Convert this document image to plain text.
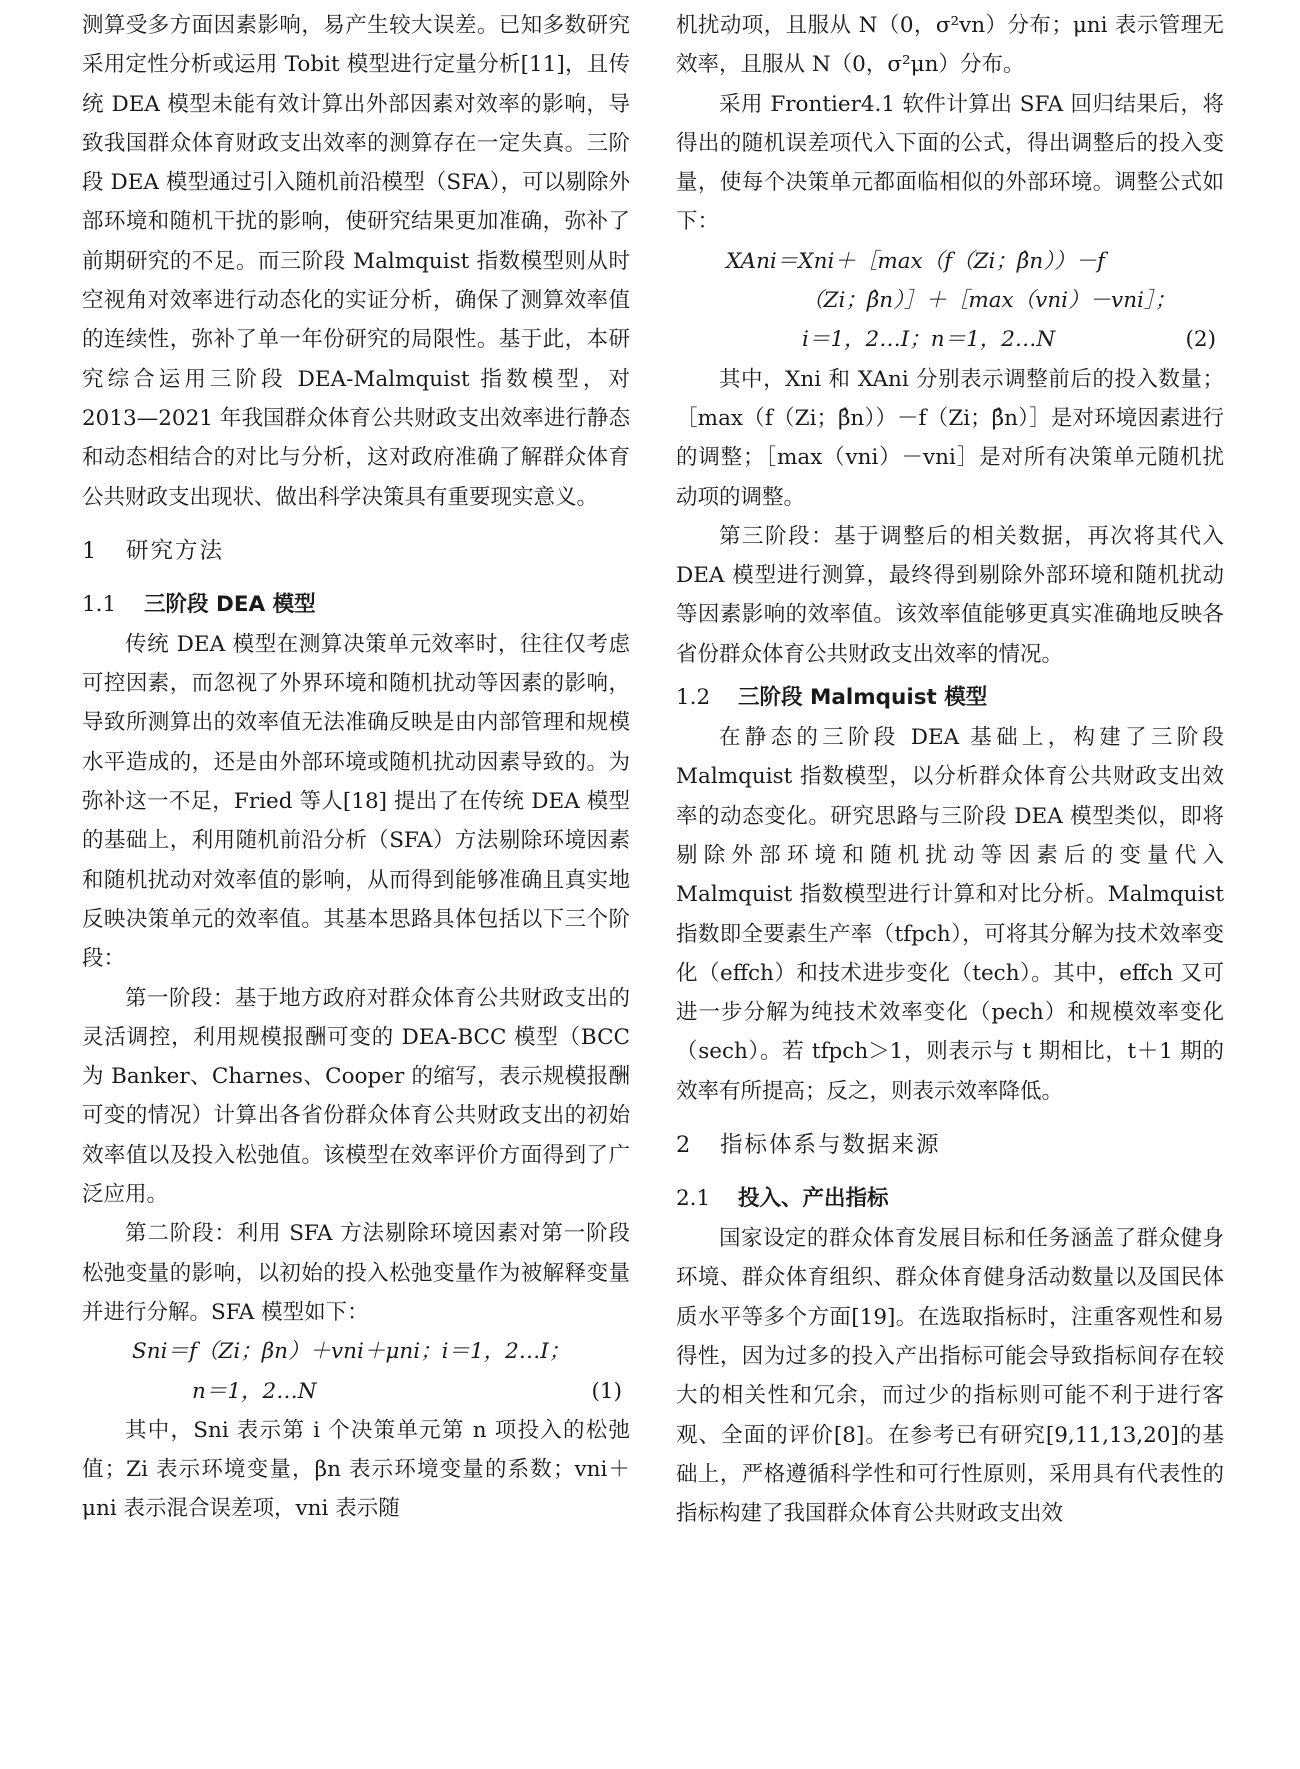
测算受多方面因素影响，易产生较大误差。已知多数研究采用定性分析或运用 Tobit 模型进行定量分析[11]，且传统 DEA 模型未能有效计算出外部因素对效率的影响，导致我国群众体育财政支出效率的测算存在一定失真。三阶段 DEA 模型通过引入随机前沿模型（SFA），可以剔除外部环境和随机干扰的影响，使研究结果更加准确，弥补了前期研究的不足。而三阶段 Malmquist 指数模型则从时空视角对效率进行动态化的实证分析，确保了测算效率值的连续性，弥补了单一年份研究的局限性。基于此，本研究综合运用三阶段 DEA-Malmquist 指数模型，对 2013—2021 年我国群众体育公共财政支出效率进行静态和动态相结合的对比与分析，这对政府准确了解群众体育公共财政支出现状、做出科学决策具有重要现实意义。

1 研究方法
1.1 三阶段 DEA 模型

传统 DEA 模型在测算决策单元效率时，往往仅考虑可控因素，而忽视了外界环境和随机扰动等因素的影响，导致所测算出的效率值无法准确反映是由内部管理和规模水平造成的，还是由外部环境或随机扰动因素导致的。为弥补这一不足，Fried 等人[18] 提出了在传统 DEA 模型的基础上，利用随机前沿分析（SFA）方法剔除环境因素和随机扰动对效率值的影响，从而得到能够准确且真实地反映决策单元的效率值。其基本思路具体包括以下三个阶段：

第一阶段：基于地方政府对群众体育公共财政支出的灵活调控，利用规模报酬可变的 DEA-BCC 模型（BCC 为 Banker、Charnes、Cooper 的缩写，表示规模报酬可变的情况）计算出各省份群众体育公共财政支出的初始效率值以及投入松弛值。该模型在效率评价方面得到了广泛应用。

第二阶段：利用 SFA 方法剔除环境因素对第一阶段松弛变量的影响，以初始的投入松弛变量作为被解释变量并进行分解。SFA 模型如下：

Sni＝f（Zi；βn）＋vni＋μni；i＝1，2…I；
n＝1，2…N	(1)

其中，Sni 表示第 i 个决策单元第 n 项投入的松弛值；Zi 表示环境变量，βn 表示环境变量的系数；vni＋μni 表示混合误差项，vni 表示随

机扰动项，且服从 N（0，σ²vn）分布；μni 表示管理无效率，且服从 N（0，σ²μn）分布。

采用 Frontier4.1 软件计算出 SFA 回归结果后，将得出的随机误差项代入下面的公式，得出调整后的投入变量，使每个决策单元都面临相似的外部环境。调整公式如下：

XAni＝Xni＋［max（f（Zi；β̂n））－f
（Zi；β̂n）］＋［max（vni）－vni］；
i＝1，2…I；n＝1，2…N	(2)

其中，Xni 和 XAni 分别表示调整前后的投入数量；［max（f（Zi；β̂n））－f（Zi；β̂n）］是对环境因素进行的调整；［max（vni）－vni］是对所有决策单元随机扰动项的调整。

第三阶段：基于调整后的相关数据，再次将其代入 DEA 模型进行测算，最终得到剔除外部环境和随机扰动等因素影响的效率值。该效率值能够更真实准确地反映各省份群众体育公共财政支出效率的情况。

1.2 三阶段 Malmquist 模型

在静态的三阶段 DEA 基础上，构建了三阶段 Malmquist 指数模型，以分析群众体育公共财政支出效率的动态变化。研究思路与三阶段 DEA 模型类似，即将剔除外部环境和随机扰动等因素后的变量代入 Malmquist 指数模型进行计算和对比分析。Malmquist 指数即全要素生产率（tfpch），可将其分解为技术效率变化（effch）和技术进步变化（tech）。其中，effch 又可进一步分解为纯技术效率变化（pech）和规模效率变化（sech）。若 tfpch＞1，则表示与 t 期相比，t＋1 期的效率有所提高；反之，则表示效率降低。

2 指标体系与数据来源
2.1 投入、产出指标

国家设定的群众体育发展目标和任务涵盖了群众健身环境、群众体育组织、群众体育健身活动数量以及国民体质水平等多个方面[19]。在选取指标时，注重客观性和易得性，因为过多的投入产出指标可能会导致指标间存在较大的相关性和冗余，而过少的指标则可能不利于进行客观、全面的评价[8]。在参考已有研究[9,11,13,20]的基础上，严格遵循科学性和可行性原则，采用具有代表性的指标构建了我国群众体育公共财政支出效
